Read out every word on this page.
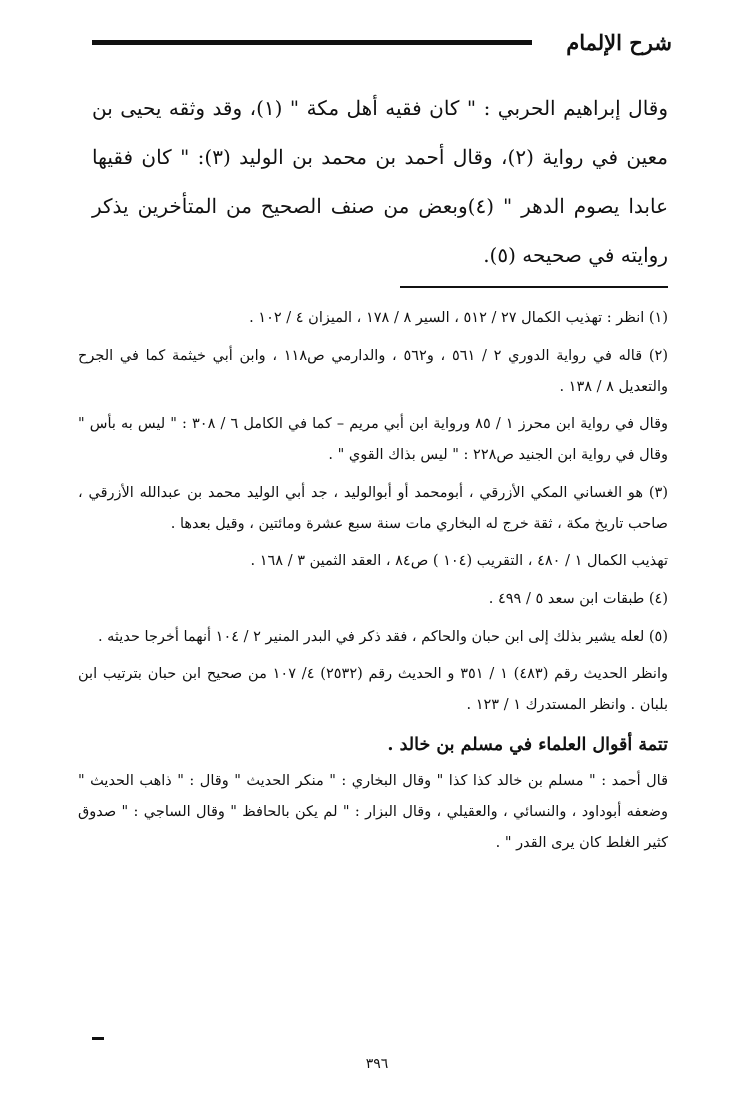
شرح الإلمام

وقال إبراهيم الحربي : " كان فقيه أهل مكة " (١)، وقد وثقه يحيى بن معين في رواية (٢)، وقال أحمد بن محمد بن الوليد (٣): " كان فقيها عابدا يصوم الدهر " (٤)وبعض من صنف الصحيح من المتأخرين يذكر روايته في صحيحه (٥).

(١) انظر : تهذيب الكمال ٢٧ / ٥١٢ ، السير ٨ / ١٧٨ ، الميزان ٤ / ١٠٢ .

(٢) قاله في رواية الدوري ٢ / ٥٦١ ، و٥٦٢ ، والدارمي ص١١٨ ، وابن أبي خيثمة كما في الجرح والتعديل ٨ / ١٣٨ .

وقال في رواية ابن محرز ١ / ٨٥ ورواية ابن أبي مريم – كما في الكامل ٦ / ٣٠٨ : " ليس به بأس " وقال في رواية ابن الجنيد ص٢٢٨ : " ليس بذاك القوي " .

(٣) هو الغساني المكي الأزرقي ، أبومحمد أو أبوالوليد ، جد أبي الوليد محمد بن عبدالله الأزرقي ، صاحب تاريخ مكة ، ثقة خرج له البخاري مات سنة سبع عشرة ومائتين ، وقيل بعدها .

تهذيب الكمال ١ / ٤٨٠ ، التقريب (١٠٤ ) ص٨٤ ، العقد الثمين ٣ / ١٦٨ .

(٤) طبقات ابن سعد ٥ / ٤٩٩ .

(٥) لعله يشير بذلك إلى ابن حبان والحاكم ، فقد ذكر في البدر المنير ٢ / ١٠٤ أنهما أخرجا حديثه .

وانظر الحديث رقم (٤٨٣) ١ / ٣٥١ و الحديث رقم (٢٥٣٢) ٤/ ١٠٧ من صحيح ابن حبان بترتيب ابن بلبان . وانظر المستدرك ١ / ١٢٣ .

تتمة أقوال العلماء في مسلم بن خالد .

قال أحمد : " مسلم بن خالد كذا كذا " وقال البخاري : " منكر الحديث " وقال : " ذاهب الحديث " وضعفه أبوداود ، والنسائي ، والعقيلي ، وقال البزار : " لم يكن بالحافظ " وقال الساجي : " صدوق كثير الغلط كان يرى القدر " .

٣٩٦
